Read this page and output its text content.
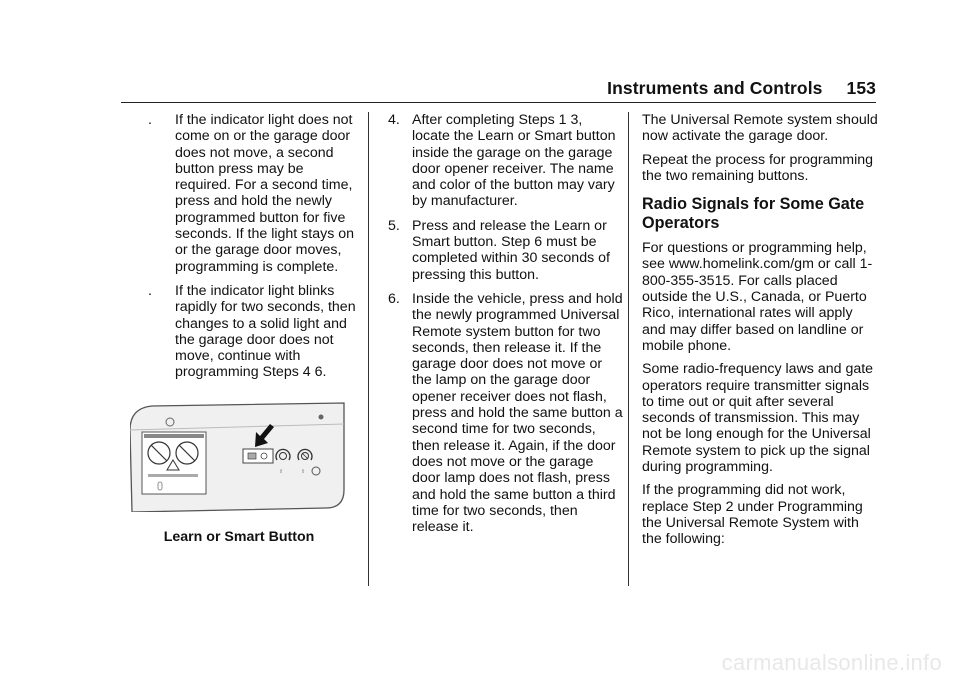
Instruments and Controls 153
. If the indicator light does not come on or the garage door does not move, a second button press may be required. For a second time, press and hold the newly programmed button for five seconds. If the light stays on or the garage door moves, programming is complete.
. If the indicator light blinks rapidly for two seconds, then changes to a solid light and the garage door does not move, continue with programming Steps 4 6.
⇧	⇧
Learn or Smart Button
4. After completing Steps 1 3, locate the Learn or Smart button inside the garage on the garage door opener receiver. The name and color of the button may vary by manufacturer.
5. Press and release the Learn or Smart button. Step 6 must be completed within 30 seconds of pressing this button.
6. Inside the vehicle, press and hold the newly programmed Universal Remote system button for two seconds, then release it. If the garage door does not move or the lamp on the garage door opener receiver does not flash, press and hold the same button a second time for two seconds, then release it. Again, if the door does not move or the garage door lamp does not flash, press and hold the same button a third time for two seconds, then release it.

The Universal Remote system should now activate the garage door.

Repeat the process for programming the two remaining buttons.

Radio Signals for Some Gate Operators

For questions or programming help, see www.homelink.com/gm or call 1-800-355-3515. For calls placed outside the U.S., Canada, or Puerto Rico, international rates will apply and may differ based on landline or mobile phone.

Some radio-frequency laws and gate operators require transmitter signals to time out or quit after several seconds of transmission. This may not be long enough for the Universal Remote system to pick up the signal during programming.

If the programming did not work, replace Step 2 under Programming the Universal Remote System with the following:

carmanualsonline.info
